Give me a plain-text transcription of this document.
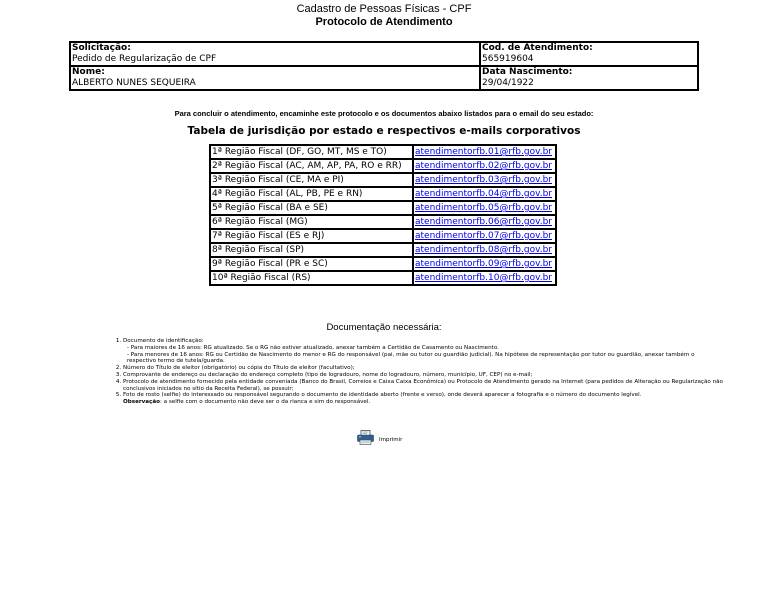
Cadastro de Pessoas Físicas - CPF
Protocolo de Atendimento
Solicitação:
Pedido de Regularização de CPF	Cod. de Atendimento:
565919604

Nome:
ALBERTO NUNES SEQUEIRA	Data Nascimento:
29/04/1922
Para concluir o atendimento, encaminhe este protocolo e os documentos abaixo listados para o email do seu estado:
Tabela de jurisdição por estado e respectivos e-mails corporativos
1ª Região Fiscal (DF, GO, MT, MS e TO)	atendimentorfb.01@rfb.gov.br
2ª Região Fiscal (AC, AM, AP, PA, RO e RR)	atendimentorfb.02@rfb.gov.br
3ª Região Fiscal (CE, MA e PI)	atendimentorfb.03@rfb.gov.br
4ª Região Fiscal (AL, PB, PE e RN)	atendimentorfb.04@rfb.gov.br
5ª Região Fiscal (BA e SE)	atendimentorfb.05@rfb.gov.br
6ª Região Fiscal (MG)	atendimentorfb.06@rfb.gov.br
7ª Região Fiscal (ES e RJ)	atendimentorfb.07@rfb.gov.br
8ª Região Fiscal (SP)	atendimentorfb.08@rfb.gov.br
9ª Região Fiscal (PR e SC)	atendimentorfb.09@rfb.gov.br
10ª Região Fiscal (RS)	atendimentorfb.10@rfb.gov.br
Documentação necessária:
1. Documento de identificação:
- Para maiores de 16 anos: RG atualizado. Se o RG não estiver atualizado, anexar também a Certidão de Casamento ou Nascimento.
- Para menores de 16 anos: RG ou Certidão de Nascimento do menor e RG do responsável (pai, mãe ou tutor ou guardião judicial). Na hipótese de representação por tutor ou guardião, anexar também o respectivo termo de tutela/guarda.
2. Número do Título de eleitor (obrigatório) ou cópia do Título de eleitor (facultativo);
3. Comprovante de endereço ou declaração do endereço completo (tipo de logradouro, nome do logradouro, número, município, UF, CEP) no e-mail;
4. Protocolo de atendimento fornecido pela entidade conveniada (Banco do Brasil, Correios e Caixa Caixa Econômica) ou Protocolo de Atendimento gerado na Internet (para pedidos de Alteração ou Regularização não conclusivos iniciados no sítio da Receita Federal), se possuir;
5. Foto de rosto (selfie) do interessado ou responsável segurando o documento de identidade aberto (frente e verso), onde deverá aparecer a fotografia e o número do documento legível.
Observação: a selfie com o documento não deve ser o da rianca e sim do responsável.
Imprimir
